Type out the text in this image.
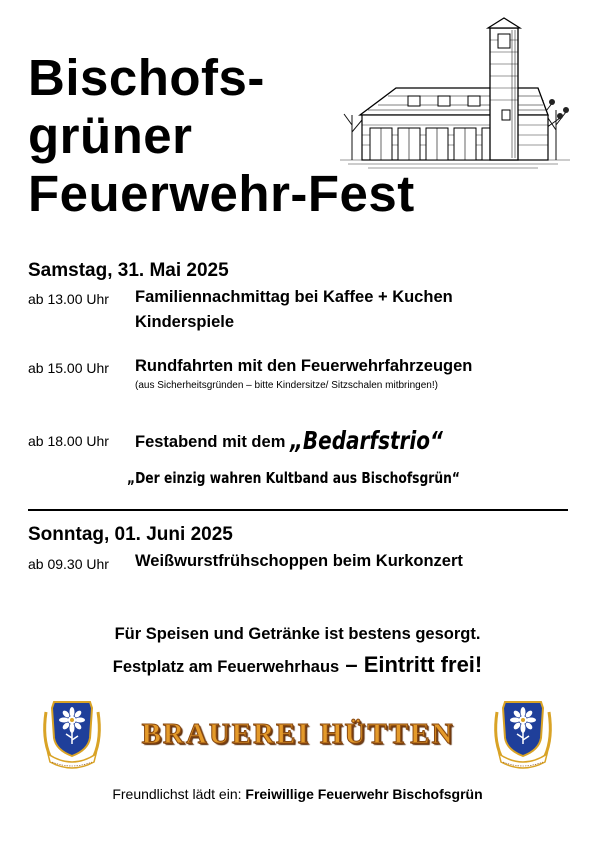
Bischofs-
grüner
Feuerwehr-Fest
Samstag, 31. Mai 2025
ab 13.00 Uhr Familiennachmittag bei Kaffee + Kuchen
Kinderspiele
ab 15.00 Uhr Rundfahrten mit den Feuerwehrfahrzeugen
(aus Sicherheitsgründen – bitte Kindersitze/ Sitzschalen mitbringen!)
ab 18.00 Uhr Festabend mit dem „Bedarfstrio“
„Der einzig wahren Kultband aus Bischofsgrün“
Sonntag, 01. Juni 2025
ab 09.30 Uhr Weißwurstfrühschoppen beim Kurkonzert
Für Speisen und Getränke ist bestens gesorgt.
Festplatz am Feuerwehrhaus – Eintritt frei!
BRAUEREI HÜTTEN
Freundlichst lädt ein: Freiwillige Feuerwehr Bischofsgrün
